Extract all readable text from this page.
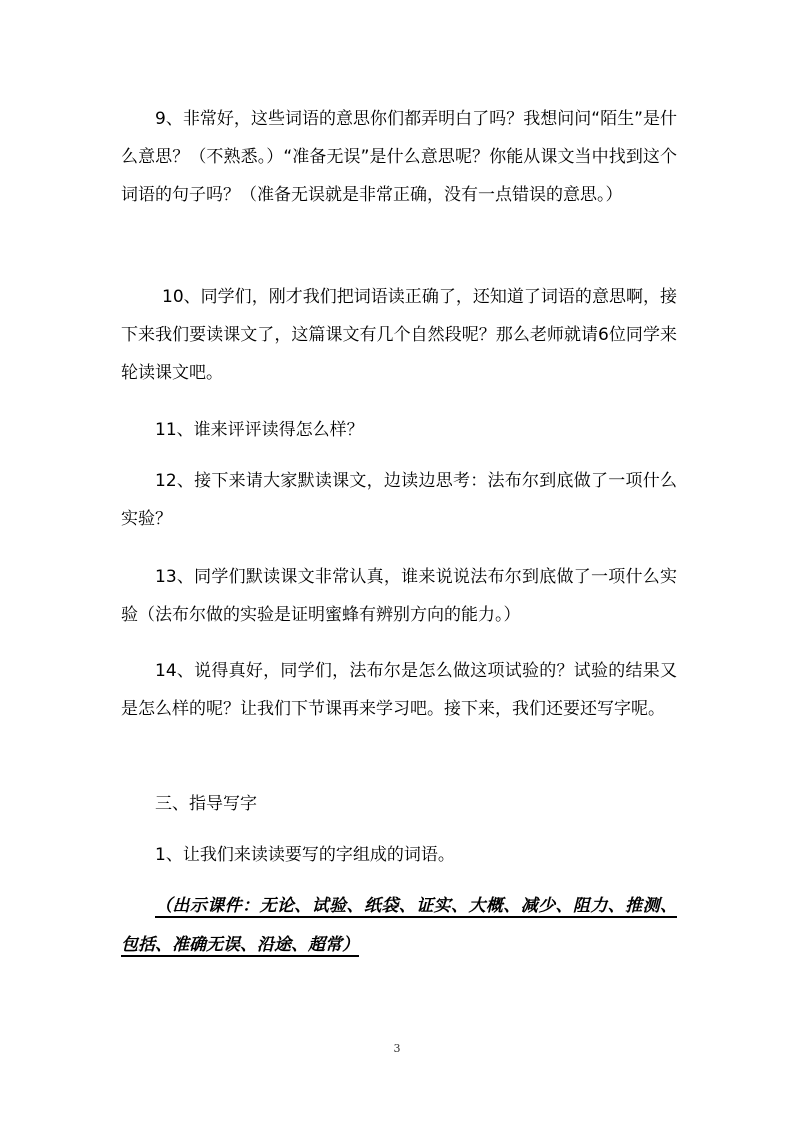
9、非常好，这些词语的意思你们都弄明白了吗？我想问问“陌生”是什么意思？（不熟悉。）“准备无误”是什么意思呢？你能从课文当中找到这个词语的句子吗？（准备无误就是非常正确，没有一点错误的意思。）

10、同学们，刚才我们把词语读正确了，还知道了词语的意思啊，接下来我们要读课文了，这篇课文有几个自然段呢？那么老师就请6位同学来轮读课文吧。

11、谁来评评读得怎么样？

12、接下来请大家默读课文，边读边思考：法布尔到底做了一项什么实验？

13、同学们默读课文非常认真，谁来说说法布尔到底做了一项什么实验（法布尔做的实验是证明蜜蜂有辨别方向的能力。）

14、说得真好，同学们，法布尔是怎么做这项试验的？试验的结果又是怎么样的呢？让我们下节课再来学习吧。接下来，我们还要还写字呢。

三、指导写字

1、让我们来读读要写的字组成的词语。

（出示课件：无论、试验、纸袋、证实、大概、减少、阻力、推测、包括、准确无误、沿途、超常）

3
